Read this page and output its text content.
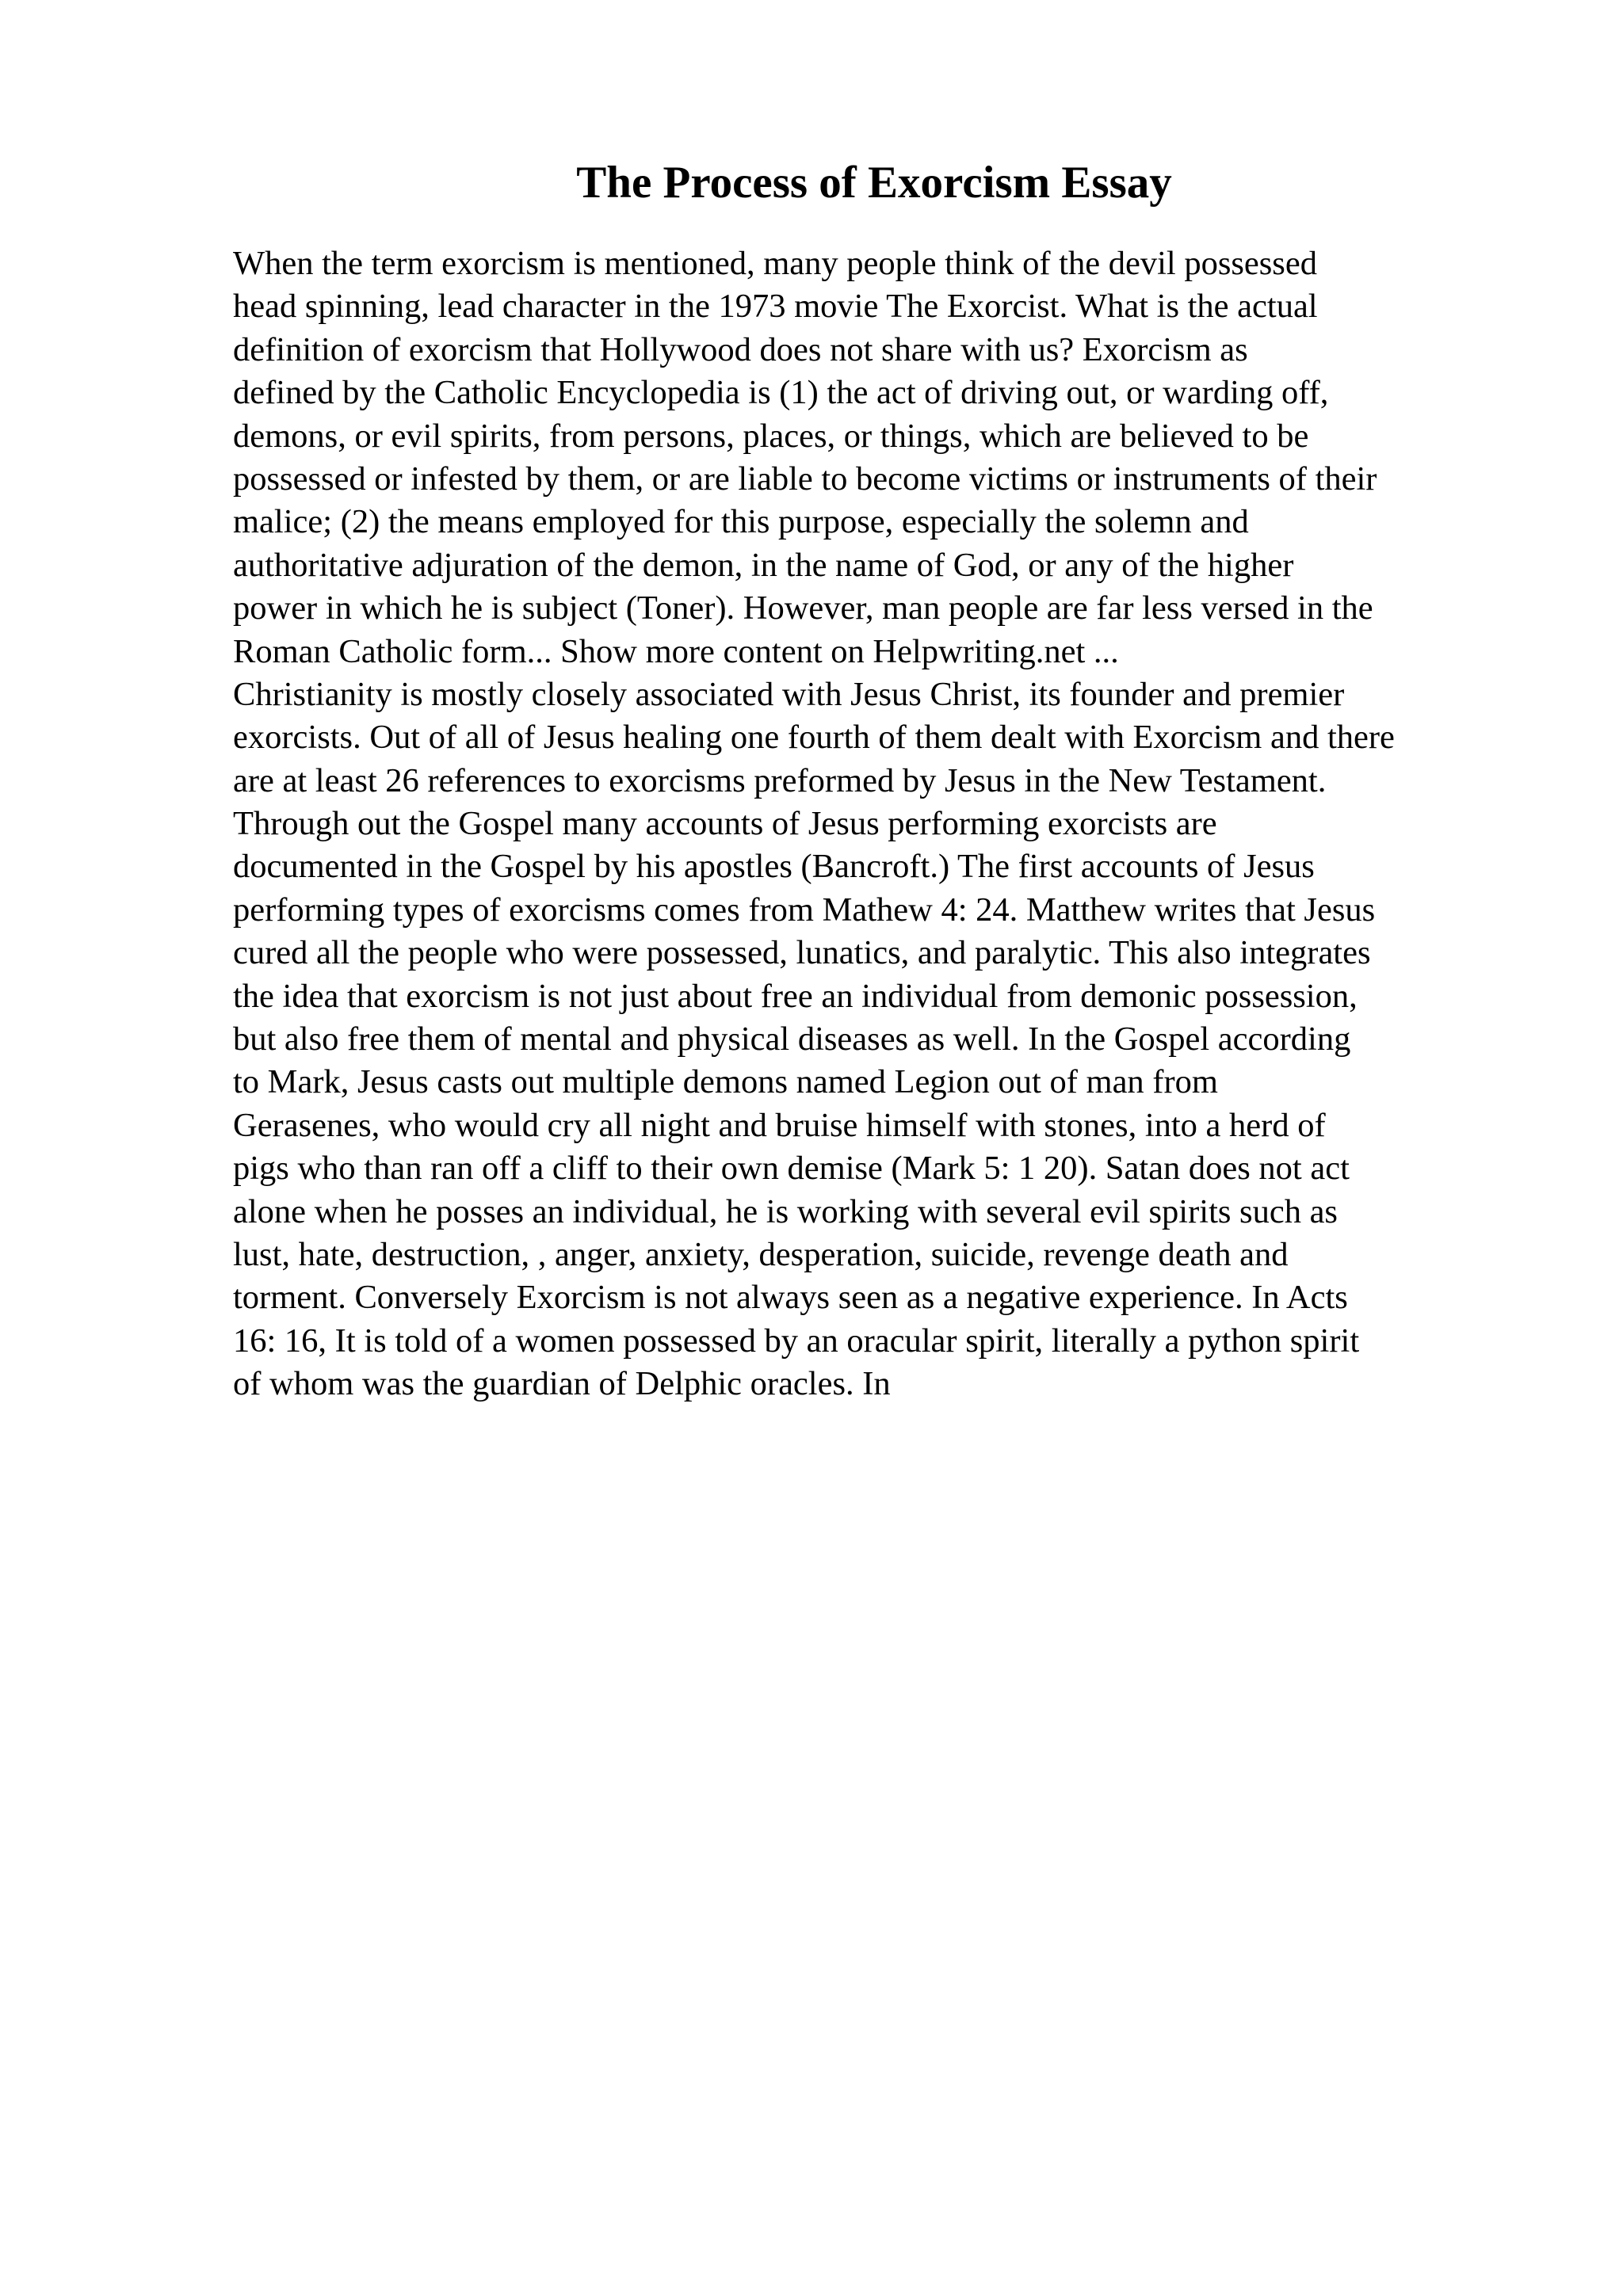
The Process of Exorcism Essay
When the term exorcism is mentioned, many people think of the devil possessed
head spinning, lead character in the 1973 movie The Exorcist. What is the actual
definition of exorcism that Hollywood does not share with us? Exorcism as
defined by the Catholic Encyclopedia is (1) the act of driving out, or warding off,
demons, or evil spirits, from persons, places, or things, which are believed to be
possessed or infested by them, or are liable to become victims or instruments of their
malice; (2) the means employed for this purpose, especially the solemn and
authoritative adjuration of the demon, in the name of God, or any of the higher
power in which he is subject (Toner). However, man people are far less versed in the
Roman Catholic form... Show more content on Helpwriting.net ...
Christianity is mostly closely associated with Jesus Christ, its founder and premier
exorcists. Out of all of Jesus healing one fourth of them dealt with Exorcism and there
are at least 26 references to exorcisms preformed by Jesus in the New Testament.
Through out the Gospel many accounts of Jesus performing exorcists are
documented in the Gospel by his apostles (Bancroft.) The first accounts of Jesus
performing types of exorcisms comes from Mathew 4: 24. Matthew writes that Jesus
cured all the people who were possessed, lunatics, and paralytic. This also integrates
the idea that exorcism is not just about free an individual from demonic possession,
but also free them of mental and physical diseases as well. In the Gospel according
to Mark, Jesus casts out multiple demons named Legion out of man from
Gerasenes, who would cry all night and bruise himself with stones, into a herd of
pigs who than ran off a cliff to their own demise (Mark 5: 1 20). Satan does not act
alone when he posses an individual, he is working with several evil spirits such as
lust, hate, destruction, , anger, anxiety, desperation, suicide, revenge death and
torment. Conversely Exorcism is not always seen as a negative experience. In Acts
16: 16, It is told of a women possessed by an oracular spirit, literally a python spirit
of whom was the guardian of Delphic oracles. In
